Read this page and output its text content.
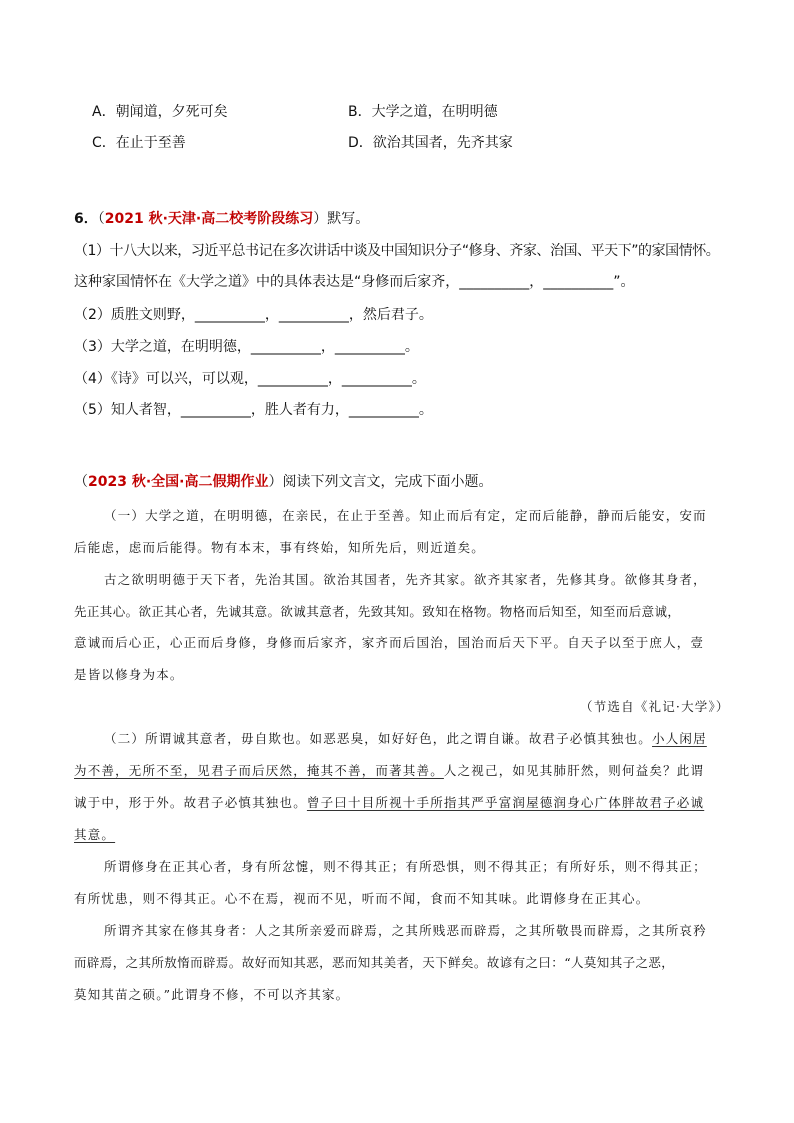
A．朝闻道，夕死可矣	B．大学之道，在明明德
C．在止于至善	D．欲治其国者，先齐其家
6．（2021 秋·天津·高二校考阶段练习）默写。
（1）十八大以来，习近平总书记在多次讲话中谈及中国知识分子“修身、齐家、治国、平天下”的家国情怀。
这种家国情怀在《大学之道》中的具体表达是“身修而后家齐，__________，__________”。
（2）质胜文则野，__________，__________，然后君子。
（3）大学之道，在明明德，__________，__________。
（4）《诗》可以兴，可以观，__________，__________。
（5）知人者智，__________，胜人者有力，__________。
（2023 秋·全国·高二假期作业）阅读下列文言文，完成下面小题。
（一）大学之道，在明明德，在亲民，在止于至善。知止而后有定，定而后能静，静而后能安，安而
后能虑，虑而后能得。物有本末，事有终始，知所先后，则近道矣。
古之欲明明德于天下者，先治其国。欲治其国者，先齐其家。欲齐其家者，先修其身。欲修其身者，
先正其心。欲正其心者，先诚其意。欲诚其意者，先致其知。致知在格物。物格而后知至，知至而后意诚，
意诚而后心正，心正而后身修，身修而后家齐，家齐而后国治，国治而后天下平。自天子以至于庶人，壹
是皆以修身为本。
（节选自《礼记·大学》）
（二）所谓诚其意者，毋自欺也。如恶恶臭，如好好色，此之谓自谦。故君子必慎其独也。小人闲居
为不善，无所不至，见君子而后厌然，掩其不善，而著其善。人之视己，如见其肺肝然，则何益矣？此谓
诚于中，形于外。故君子必慎其独也。曾子曰十目所视十手所指其严乎富润屋德润身心广体胖故君子必诚
其意。
所谓修身在正其心者，身有所忿懥，则不得其正；有所恐惧，则不得其正；有所好乐，则不得其正；
有所忧患，则不得其正。心不在焉，视而不见，听而不闻，食而不知其味。此谓修身在正其心。
所谓齐其家在修其身者：人之其所亲爱而辟焉，之其所贱恶而辟焉，之其所敬畏而辟焉，之其所哀矜
而辟焉，之其所敖惰而辟焉。故好而知其恶，恶而知其美者，天下鲜矣。故谚有之曰：“人莫知其子之恶，
莫知其苗之硕。”此谓身不修，不可以齐其家。
